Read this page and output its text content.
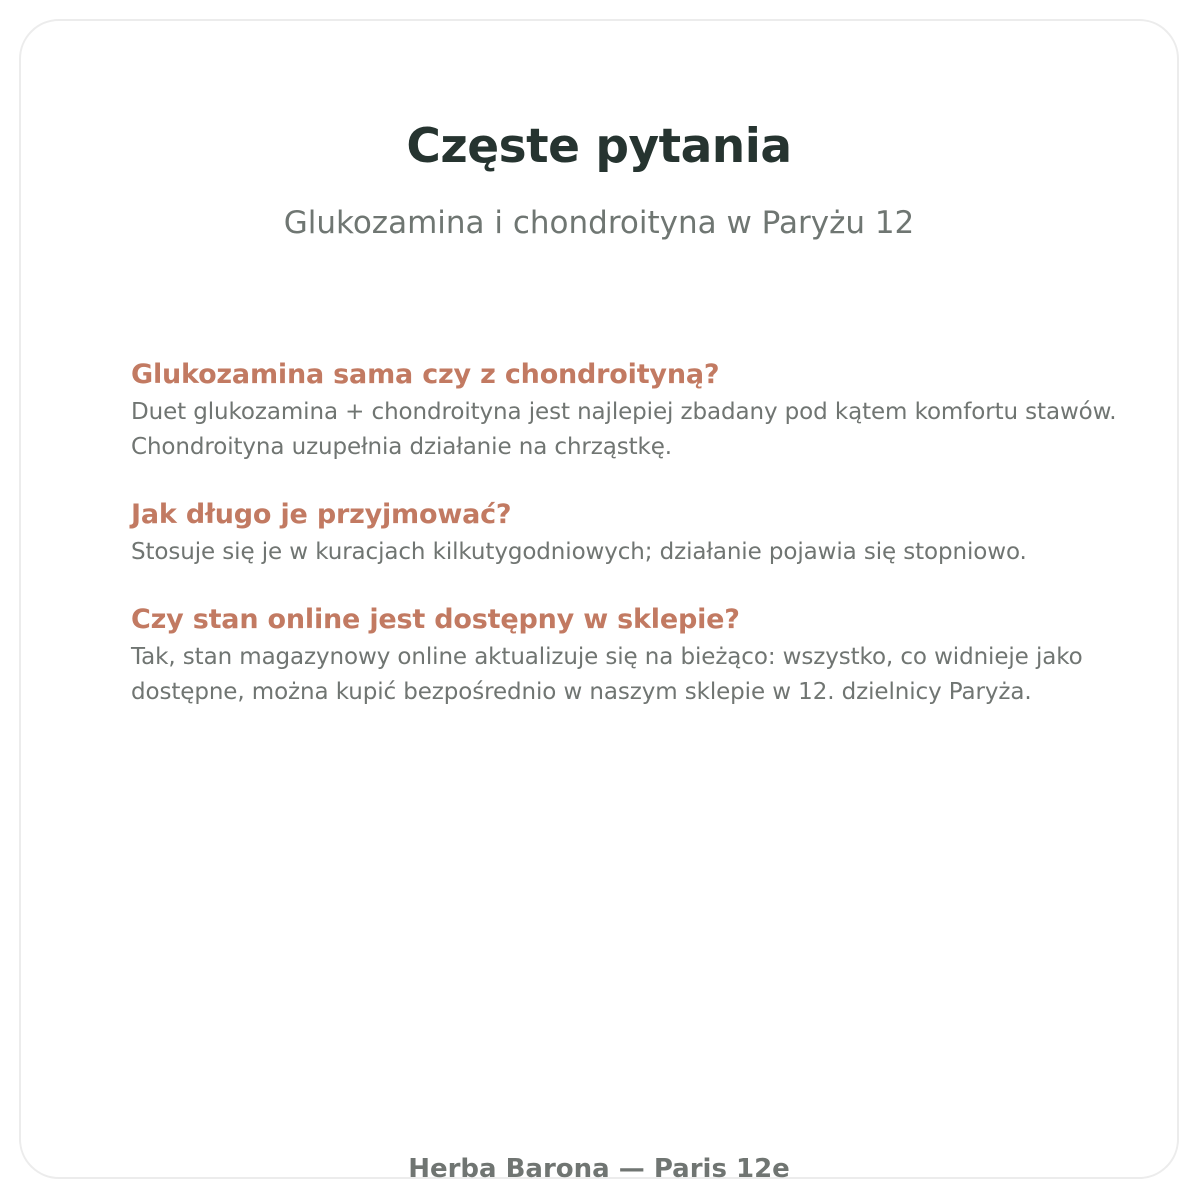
Częste pytania
Glukozamina i chondroityna w Paryżu 12
Glukozamina sama czy z chondroityną?
Duet glukozamina + chondroityna jest najlepiej zbadany pod kątem komfortu stawów. Chondroityna uzupełnia działanie na chrząstkę.
Jak długo je przyjmować?
Stosuje się je w kuracjach kilkutygodniowych; działanie pojawia się stopniowo.
Czy stan online jest dostępny w sklepie?
Tak, stan magazynowy online aktualizuje się na bieżąco: wszystko, co widnieje jako dostępne, można kupić bezpośrednio w naszym sklepie w 12. dzielnicy Paryża.
Herba Barona — Paris 12e
